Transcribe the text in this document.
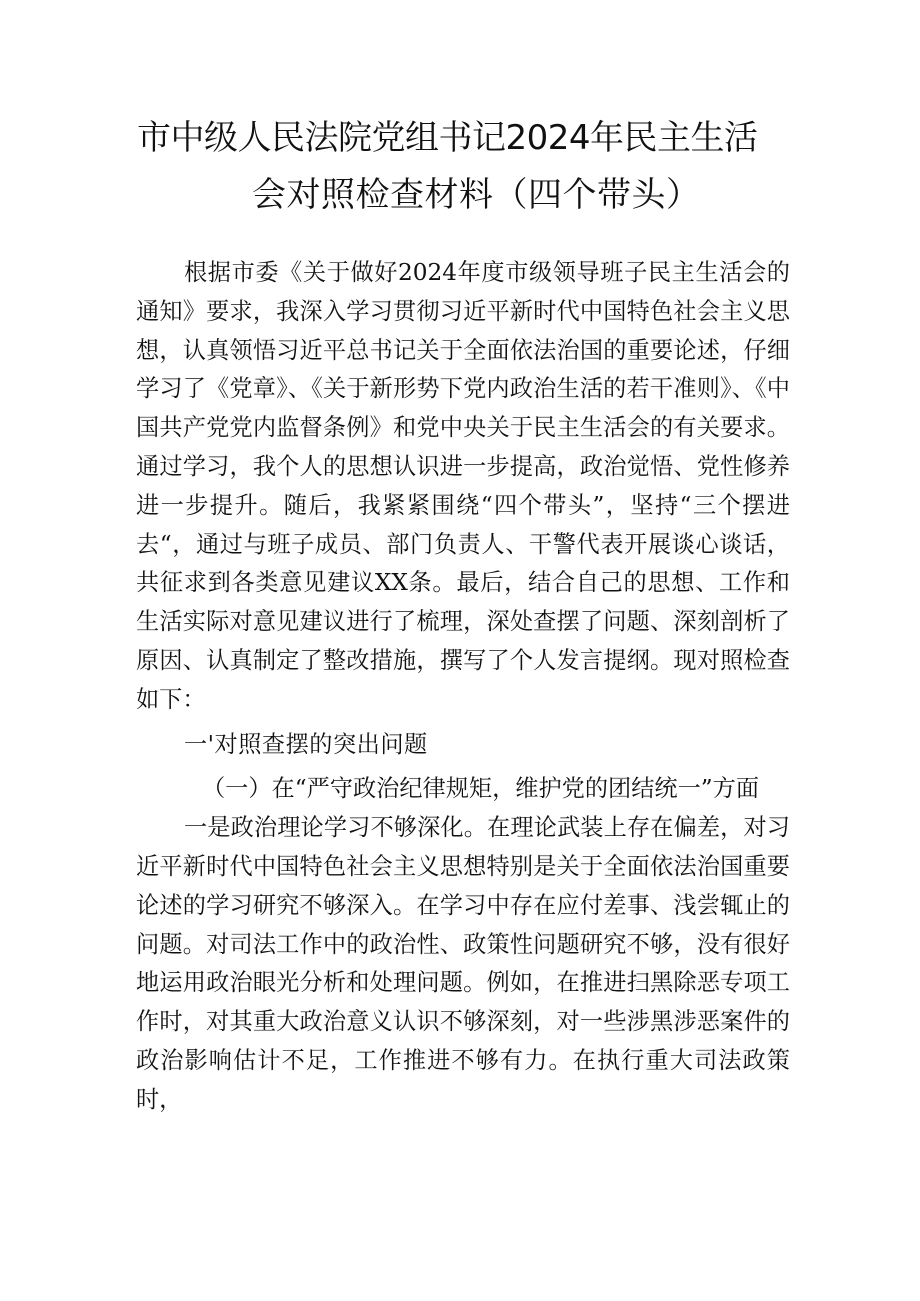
市中级人民法院党组书记2024年民主生活
会对照检查材料（四个带头）

根据市委《关于做好2024年度市级领导班子民主生活会的通知》要求，我深入学习贯彻习近平新时代中国特色社会主义思想，认真领悟习近平总书记关于全面依法治国的重要论述，仔细学习了《党章》、《关于新形势下党内政治生活的若干准则》、《中国共产党党内监督条例》和党中央关于民主生活会的有关要求。通过学习，我个人的思想认识进一步提高，政治觉悟、党性修养进一步提升。随后，我紧紧围绕“四个带头”，坚持“三个摆进去“，通过与班子成员、部门负责人、干警代表开展谈心谈话，共征求到各类意见建议XX条。最后，结合自己的思想、工作和生活实际对意见建议进行了梳理，深处查摆了问题、深刻剖析了原因、认真制定了整改措施，撰写了个人发言提纲。现对照检查如下：

一'对照查摆的突出问题

（一）在“严守政治纪律规矩，维护党的团结统一”方面

一是政治理论学习不够深化。在理论武装上存在偏差，对习近平新时代中国特色社会主义思想特别是关于全面依法治国重要论述的学习研究不够深入。在学习中存在应付差事、浅尝辄止的问题。对司法工作中的政治性、政策性问题研究不够，没有很好地运用政治眼光分析和处理问题。例如，在推进扫黑除恶专项工作时，对其重大政治意义认识不够深刻，对一些涉黑涉恶案件的政治影响估计不足，工作推进不够有力。在执行重大司法政策时，
